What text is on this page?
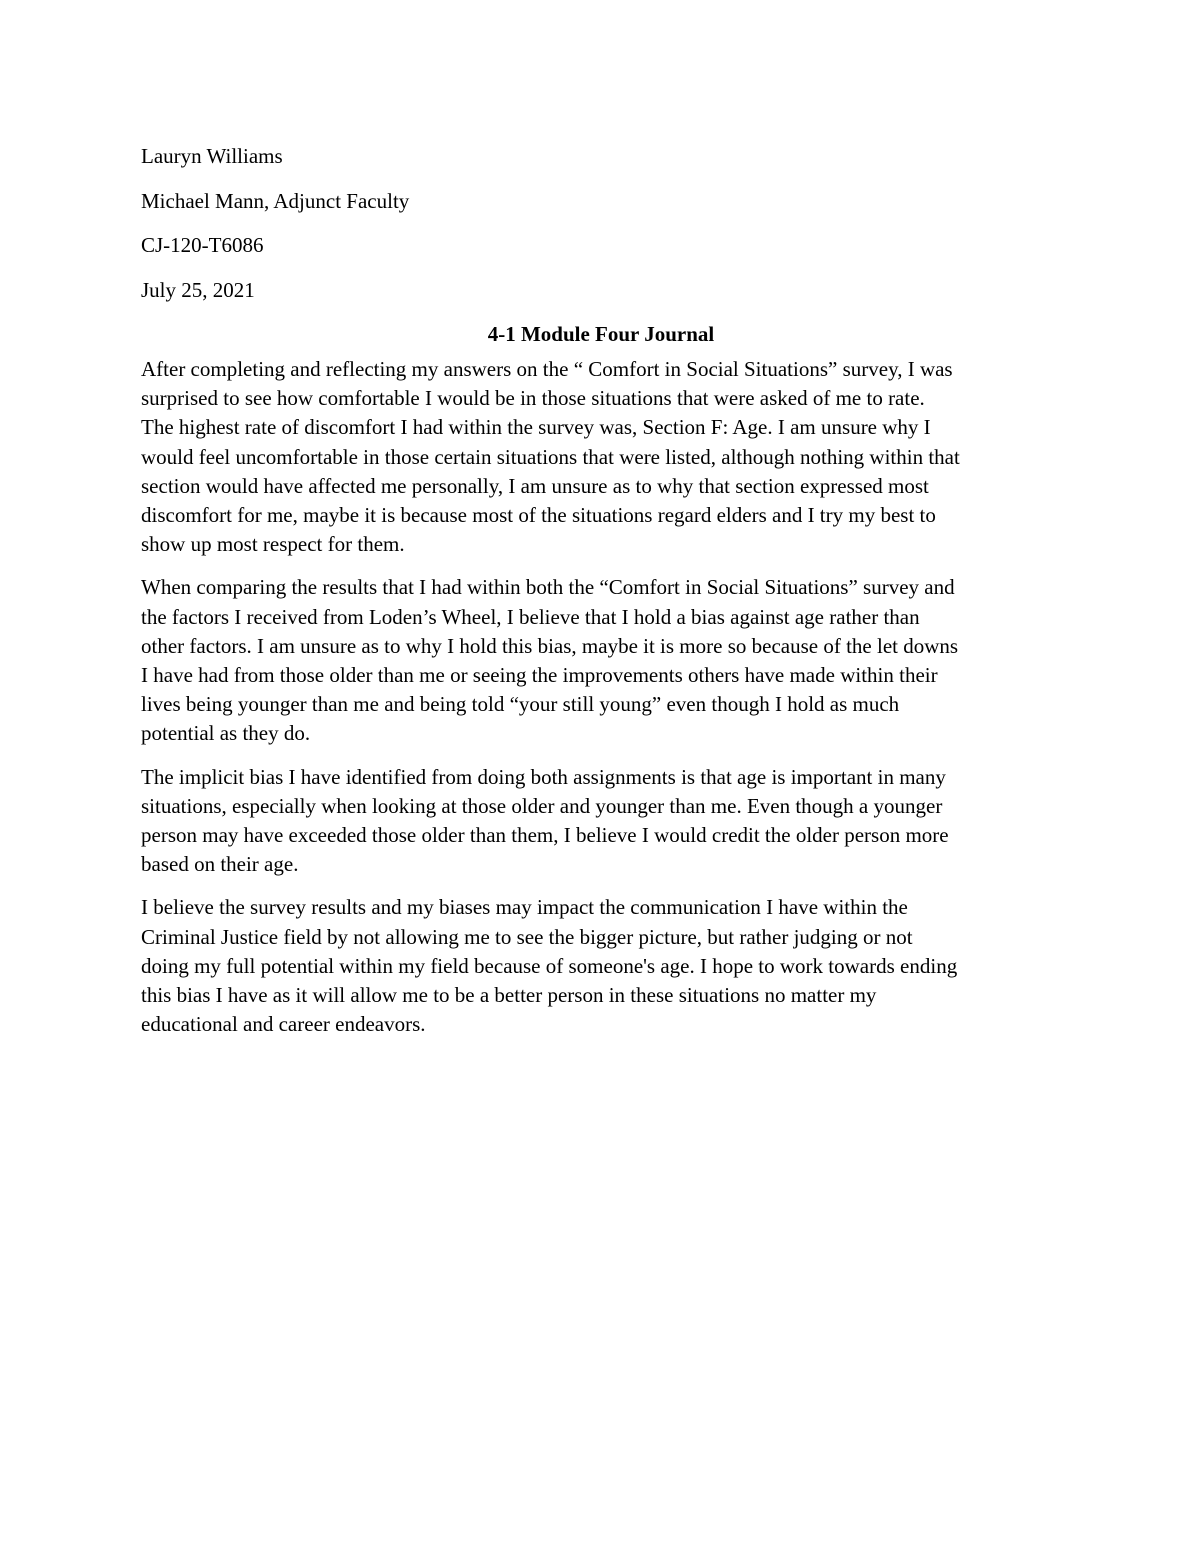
Lauryn Williams

Michael Mann, Adjunct Faculty

CJ-120-T6086

July 25, 2021

4-1 Module Four Journal

After completing and reflecting my answers on the “ Comfort in Social Situations” survey, I was
surprised to see how comfortable I would be in those situations that were asked of me to rate.
The highest rate of discomfort I had within the survey was, Section F: Age. I am unsure why I
would feel uncomfortable in those certain situations that were listed, although nothing within that
section would have affected me personally, I am unsure as to why that section expressed most
discomfort for me, maybe it is because most of the situations regard elders and I try my best to
show up most respect for them.

When comparing the results that I had within both the “Comfort in Social Situations” survey and
the factors I received from Loden’s Wheel, I believe that I hold a bias against age rather than
other factors. I am unsure as to why I hold this bias, maybe it is more so because of the let downs
I have had from those older than me or seeing the improvements others have made within their
lives being younger than me and being told “your still young” even though I hold as much
potential as they do.

The implicit bias I have identified from doing both assignments is that age is important in many
situations, especially when looking at those older and younger than me. Even though a younger
person may have exceeded those older than them, I believe I would credit the older person more
based on their age.

I believe the survey results and my biases may impact the communication I have within the
Criminal Justice field by not allowing me to see the bigger picture, but rather judging or not
doing my full potential within my field because of someone's age. I hope to work towards ending
this bias I have as it will allow me to be a better person in these situations no matter my
educational and career endeavors.
